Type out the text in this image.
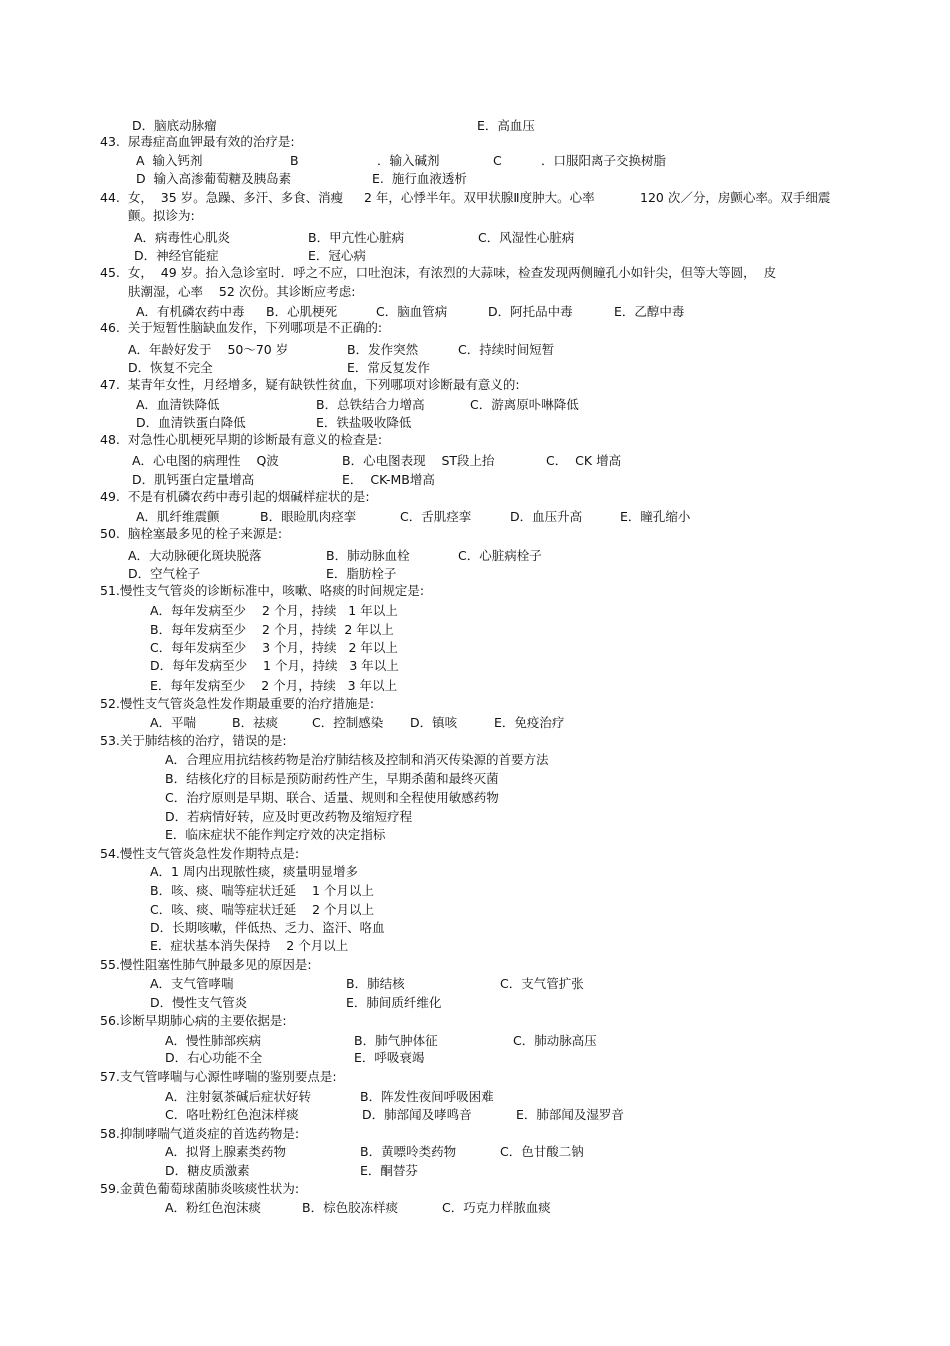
D．脑底动脉瘤	E．高血压
43.  尿毒症高血钾最有效的治疗是:
A  输入钙剂	B	．输入碱剂	C	．口服阳离子交换树脂
D  输入高渗葡萄糖及胰岛素	E.  施行血液透析
44.  女，  35 岁。急躁、多汗、多食、消瘦 2 年，心悸半年。双甲状腺Ⅱ度肿大。心率	120 次／分，房颤心率。双手细震
颤。拟诊为:
A．病毒性心肌炎	B．甲亢性心脏病	C．风湿性心脏病
D．神经官能症	E．冠心病
45.  女，  49 岁。抬入急诊室时．呼之不应，口吐泡沫，有浓烈的大蒜味，检查发现两侧瞳孔小如针尖，但等大等圆，  皮
肤潮湿，心率    52 次份。其诊断应考虑:
A．有机磷农药中毒 B．心肌梗死	C．脑血管病	D．阿托品中毒	E．乙醇中毒
46.  关于短暂性脑缺血发作，下列哪项是不正确的:
A．年龄好发于    50～70 岁	B．发作突然	C．持续时间短暂
D．恢复不完全	E．常反复发作
47.  某青年女性，月经增多，疑有缺铁性贫血，下列哪项对诊断最有意义的:
A．血清铁降低	B．总铁结合力增高	C．游离原卟啉降低
D．血清铁蛋白降低	E．铁盐吸收降低
48.  对急性心肌梗死早期的诊断最有意义的检查是:
A．心电图的病理性    Q波	B．心电图表现    ST段上抬	C．  CK 增高
D．肌钙蛋白定量增高	E．  CK-MB增高
49.  不是有机磷农药中毒引起的烟碱样症状的是:
A．肌纤维震颤	B．眼睑肌肉痉挛	C．舌肌痉挛	D．血压升高	E．瞳孔缩小
50.  脑栓塞最多见的栓子来源是:
A．大动脉硬化斑块脱落	B．肺动脉血栓	C．心脏病栓子
D．空气栓子	E．脂肪栓子
51.慢性支气管炎的诊断标准中，咳嗽、咯痰的时间规定是:
A．每年发病至少    2 个月，持续   1 年以上
B．每年发病至少    2 个月，持续  2 年以上
C．每年发病至少    3 个月，持续   2 年以上
D．每年发病至少    1 个月，持续   3 年以上
E．每年发病至少    2 个月，持续   3 年以上
52.慢性支气管炎急性发作期最重要的治疗措施是:
A．平喘	B．祛痰	C．控制感染 D．镇咳	E．免疫治疗
53.关于肺结核的治疗，错误的是:
A．合理应用抗结核药物是治疗肺结核及控制和消灭传染源的首要方法
B．结核化疗的目标是预防耐药性产生，早期杀菌和最终灭菌
C．治疗原则是早期、联合、适量、规则和全程使用敏感药物
D．若病情好转，应及时更改药物及缩短疗程
E．临床症状不能作判定疗效的决定指标
54.慢性支气管炎急性发作期特点是:
A．1 周内出现脓性痰，痰量明显增多
B．咳、痰、喘等症状迁延    1 个月以上
C．咳、痰、喘等症状迁延    2 个月以上
D．长期咳嗽，伴低热、乏力、盗汗、咯血
E．症状基本消失保持    2 个月以上
55.慢性阻塞性肺气肿最多见的原因是:
A．支气管哮喘	B．肺结核	C．支气管扩张
D．慢性支气管炎	E．肺间质纤维化
56.诊断早期肺心病的主要依据是:
A．慢性肺部疾病	B．肺气肿体征	C．肺动脉高压
D．右心功能不全	E．呼吸衰竭
57.支气管哮喘与心源性哮喘的鉴别要点是:
A．注射氨茶碱后症状好转	B．阵发性夜间呼吸困难
C．咯吐粉红色泡沫样痰	D．肺部闻及哮鸣音	E．肺部闻及湿罗音
58.抑制哮喘气道炎症的首选药物是:
A．拟肾上腺素类药物	B．黄嘌呤类药物	C．色甘酸二钠
D．糖皮质激素	E．酮替芬
59.金黄色葡萄球菌肺炎咳痰性状为:
A．粉红色泡沫痰	B．棕色胶冻样痰	C．巧克力样脓血痰
